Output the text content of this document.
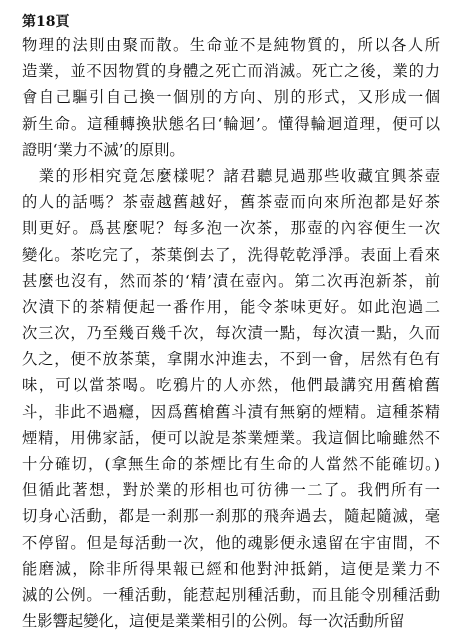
第18頁
物理的法則由聚而散。生命並不是純物質的，所以各人所
造業，並不因物質的身體之死亡而消滅。死亡之後，業的力
會自己驅引自己換一個別的方向、別的形式，又形成一個
新生命。這種轉換狀態名曰‘輪迴’。懂得輪迴道理，便可以
證明‘業力不滅’的原則。
　業的形相究竟怎麼樣呢？諸君聽見過那些收藏宜興茶壺
的人的話嗎？茶壺越舊越好，舊茶壺而向來所泡都是好茶
則更好。爲甚麼呢？每多泡一次茶，那壺的內容便生一次
變化。茶吃完了，茶葉倒去了，洗得乾乾淨淨。表面上看來
甚麼也沒有，然而茶的‘精’漬在壺內。第二次再泡新茶，前
次漬下的茶精便起一番作用，能令茶味更好。如此泡過二
次三次，乃至幾百幾千次，每次漬一點，每次漬一點，久而
久之，便不放茶葉，拿開水沖進去，不到一會，居然有色有
味，可以當茶喝。吃鴉片的人亦然，他們最講究用舊槍舊
斗，非此不過癮，因爲舊槍舊斗漬有無窮的煙精。這種茶精
煙精，用佛家話，便可以說是茶業煙業。我這個比喻雖然不
十分確切，(拿無生命的茶煙比有生命的人當然不能確切。)
但循此著想，對於業的形相也可彷彿一二了。我們所有一
切身心活動，都是一刹那一刹那的飛奔過去，隨起隨滅，毫
不停留。但是每活動一次，他的魂影便永遠留在宇宙間，不
能磨滅，除非所得果報已經和他對沖抵銷，這便是業力不
滅的公例。一種活動，能惹起別種活動，而且能令別種活動
生影響起變化，這便是業業相引的公例。每一次活動所留
